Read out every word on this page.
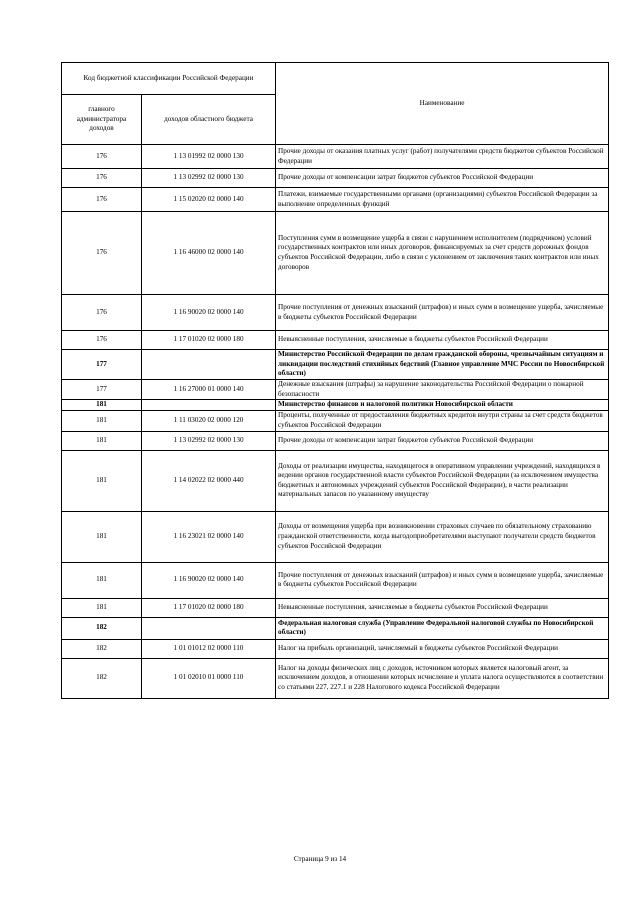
Код бюджетной классификации Российской Федерации		Наименование
главного администратора доходов	доходов областного бюджета	
176	1 13 01992 02 0000 130	Прочие доходы от оказания платных услуг (работ) получателями средств бюджетов субъектов Российской Федерации
176	1 13 02992 02 0000 130	Прочие доходы от компенсации затрат бюджетов субъектов Российской Федерации
176	1 15 02020 02 0000 140	Платежи, взимаемые государственными органами (организациями) субъектов Российской Федерации за выполнение определенных функций
176	1 16 46000 02 0000 140	Поступления сумм в возмещение ущерба в связи с нарушением исполнителем (подрядчиком) условий государственных контрактов или иных договоров, финансируемых за счет средств дорожных фондов субъектов Российской Федерации, либо в связи с уклонением от заключения таких контрактов или иных договоров
176	1 16 90020 02 0000 140	Прочие поступления от денежных взысканий (штрафов) и иных сумм в возмещение ущерба, зачисляемые в бюджеты субъектов Российской Федерации
176	1 17 01020 02 0000 180	Невыясненные поступления, зачисляемые в бюджеты субъектов Российской Федерации
177		Министерство Российской Федерации по делам гражданской обороны, чрезвычайным ситуациям и ликвидации последствий стихийных бедствий (Главное управление МЧС России по Новосибирской области)
177	1 16 27000 01 0000 140	Денежные взыскания (штрафы) за нарушение законодательства Российской Федерации о пожарной безопасности
181		Министерство финансов и налоговой политики Новосибирской области
181	1 11 03020 02 0000 120	Проценты, полученные от предоставления бюджетных кредитов внутри страны за счет средств бюджетов субъектов Российской Федерации
181	1 13 02992 02 0000 130	Прочие доходы от компенсации затрат бюджетов субъектов Российской Федерации
181	1 14 02022 02 0000 440	Доходы от реализации имущества, находящегося в оперативном управлении учреждений, находящихся в ведении органов государственной власти субъектов Российской Федерации (за исключением имущества бюджетных и автономных учреждений субъектов Российской Федерации), в части реализации материальных запасов по указанному имуществу
181	1 16 23021 02 0000 140	Доходы от возмещения ущерба при возникновении страховых случаев по обязательному страхованию гражданской ответственности, когда выгодоприобретателями выступают получатели средств бюджетов субъектов Российской Федерации
181	1 16 90020 02 0000 140	Прочие поступления от денежных взысканий (штрафов) и иных сумм в возмещение ущерба, зачисляемые в бюджеты субъектов Российской Федерации
181	1 17 01020 02 0000 180	Невыясненные поступления, зачисляемые в бюджеты субъектов Российской Федерации
182		Федеральная налоговая служба (Управление Федеральной налоговой службы по Новосибирской области)
182	1 01 01012 02 0000 110	Налог на прибыль организаций, зачисляемый в бюджеты субъектов Российской Федерации
182	1 01 02010 01 0000 110	Налог на доходы физических лиц с доходов, источником которых является налоговый агент, за исключением доходов, в отношении которых исчисление и уплата налога осуществляются в соответствии со статьями 227, 227.1 и 228 Налогового кодекса Российской Федерации
Страница 9 из 14
